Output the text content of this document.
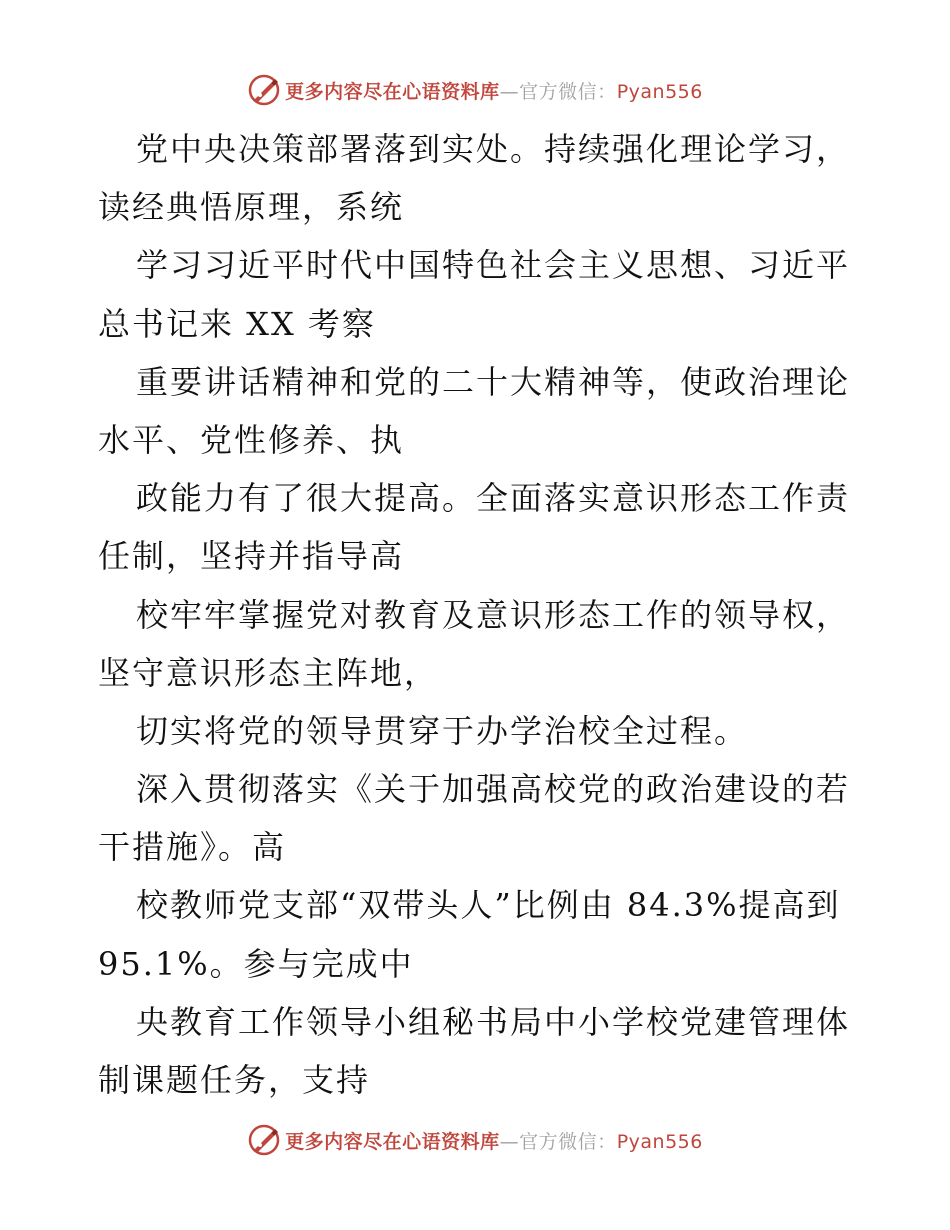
更多内容尽在心语资料库—官方微信：Pyan556
党中央决策部署落到实处。持续强化理论学习，
读经典悟原理，系统
学习习近平时代中国特色社会主义思想、习近平
总书记来 XX 考察
重要讲话精神和党的二十大精神等，使政治理论
水平、党性修养、执
政能力有了很大提高。全面落实意识形态工作责
任制，坚持并指导高
校牢牢掌握党对教育及意识形态工作的领导权，
坚守意识形态主阵地，
切实将党的领导贯穿于办学治校全过程。
深入贯彻落实《关于加强高校党的政治建设的若
干措施》。高
校教师党支部“双带头人”比例由 84.3%提高到
95.1%。参与完成中
央教育工作领导小组秘书局中小学校党建管理体
制课题任务，支持
更多内容尽在心语资料库—官方微信：Pyan556
